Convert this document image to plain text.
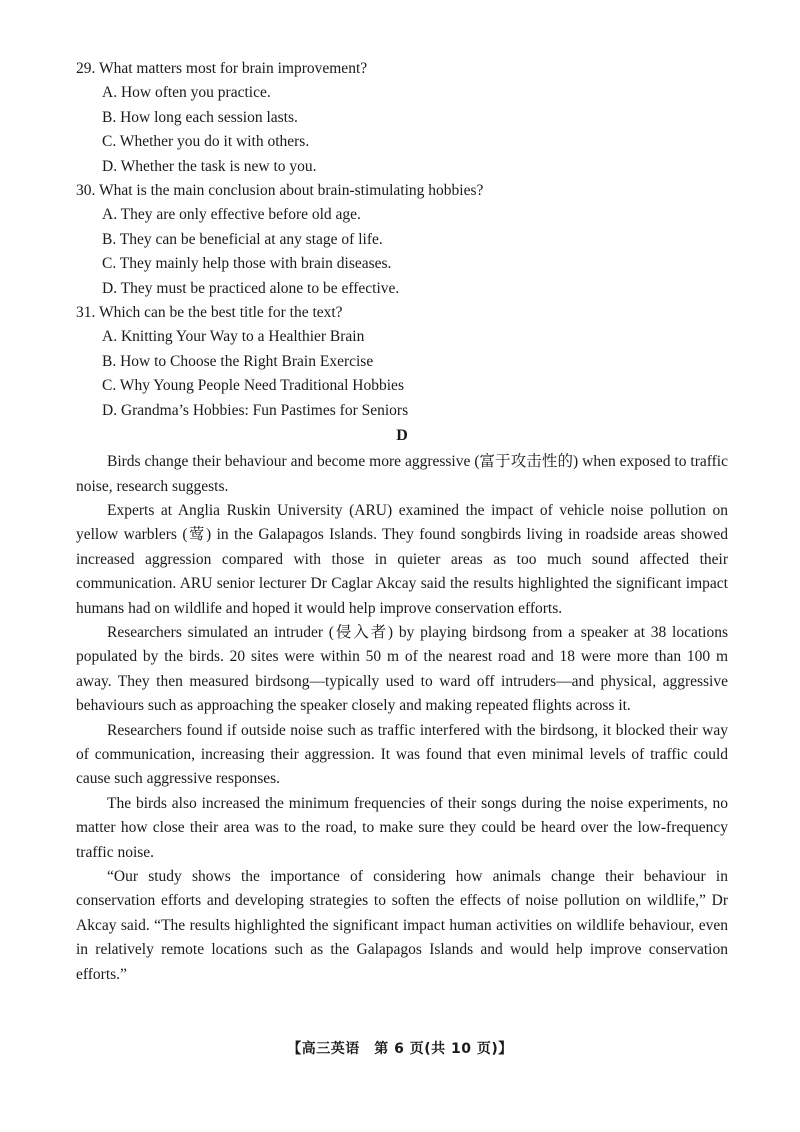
29. What matters most for brain improvement?

A. How often you practice.

B. How long each session lasts.

C. Whether you do it with others.

D. Whether the task is new to you.

30. What is the main conclusion about brain-stimulating hobbies?

A. They are only effective before old age.

B. They can be beneficial at any stage of life.

C. They mainly help those with brain diseases.

D. They must be practiced alone to be effective.

31. Which can be the best title for the text?

A. Knitting Your Way to a Healthier Brain

B. How to Choose the Right Brain Exercise

C. Why Young People Need Traditional Hobbies

D. Grandma’s Hobbies: Fun Pastimes for Seniors

D

Birds change their behaviour and become more aggressive (富于攻击性的) when exposed to traffic noise, research suggests.

Experts at Anglia Ruskin University (ARU) examined the impact of vehicle noise pollution on yellow warblers (莺) in the Galapagos Islands. They found songbirds living in roadside areas showed increased aggression compared with those in quieter areas as too much sound affected their communication. ARU senior lecturer Dr Caglar Akcay said the results highlighted the significant impact humans had on wildlife and hoped it would help improve conservation efforts.

Researchers simulated an intruder (侵入者) by playing birdsong from a speaker at 38 locations populated by the birds. 20 sites were within 50 m of the nearest road and 18 were more than 100 m away. They then measured birdsong—typically used to ward off intruders—and physical, aggressive behaviours such as approaching the speaker closely and making repeated flights across it.

Researchers found if outside noise such as traffic interfered with the birdsong, it blocked their way of communication, increasing their aggression. It was found that even minimal levels of traffic could cause such aggressive responses.

The birds also increased the minimum frequencies of their songs during the noise experiments, no matter how close their area was to the road, to make sure they could be heard over the low-frequency traffic noise.

“Our study shows the importance of considering how animals change their behaviour in conservation efforts and developing strategies to soften the effects of noise pollution on wildlife,” Dr Akcay said. “The results highlighted the significant impact human activities on wildlife behaviour, even in relatively remote locations such as the Galapagos Islands and would help improve conservation efforts.”

【高三英语　第 6 页(共 10 页)】
